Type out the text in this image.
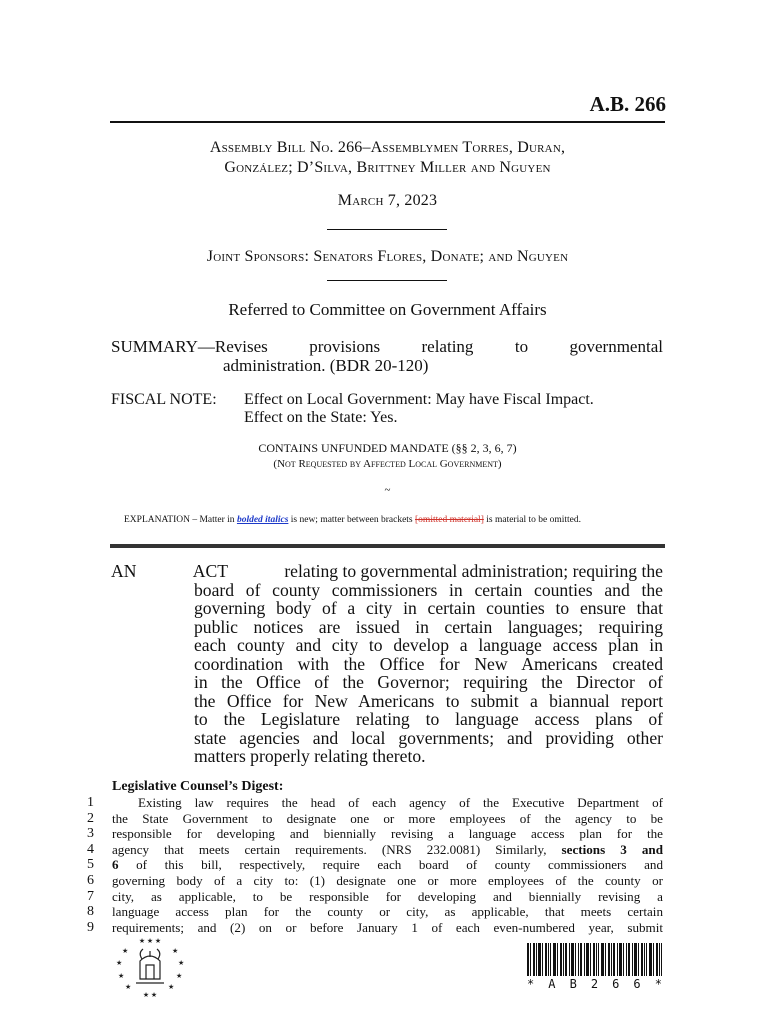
A.B. 266
Assembly Bill No. 266–Assemblymen Torres, Duran,
González; D’Silva, Brittney Miller and Nguyen
March 7, 2023
Joint Sponsors: Senators Flores, Donate; and Nguyen
Referred to Committee on Government Affairs
SUMMARY—Revises provisions relating to governmental
administration. (BDR 20-120)
FISCAL NOTE: Effect on Local Government: May have Fiscal Impact.
Effect on the State: Yes.
CONTAINS UNFUNDED MANDATE (§§ 2, 3, 6, 7)
(Not Requested by Affected Local Government)
~
EXPLANATION – Matter in bolded italics is new; matter between brackets [omitted material] is material to be omitted.
AN	ACT	relating to governmental administration; requiring the
board of county commissioners in certain counties and the
governing body of a city in certain counties to ensure that
public notices are issued in certain languages; requiring
each county and city to develop a language access plan in
coordination with the Office for New Americans created
in the Office of the Governor; requiring the Director of
the Office for New Americans to submit a biannual report
to the Legislature relating to language access plans of
state agencies and local governments; and providing other
matters properly relating thereto.
Legislative Counsel’s Digest:
1
2
3
4
5
6
7
8
9
Existing law requires the head of each agency of the Executive Department of
the State Government to designate one or more employees of the agency to be
responsible for developing and biennially revising a language access plan for the
agency that meets certain requirements. (NRS 232.0081) Similarly, sections 3 and
6 of this bill, respectively, require each board of county commissioners and
governing body of a city to: (1) designate one or more employees of the county or
city, as applicable, to be responsible for developing and biennially revising a
language access plan for the county or city, as applicable, that meets certain
requirements; and (2) on or before January 1 of each even-numbered year, submit
★ ★ ★
★	★
★	★
★	★
★	★
★ ★
* A B 2 6 6 *
